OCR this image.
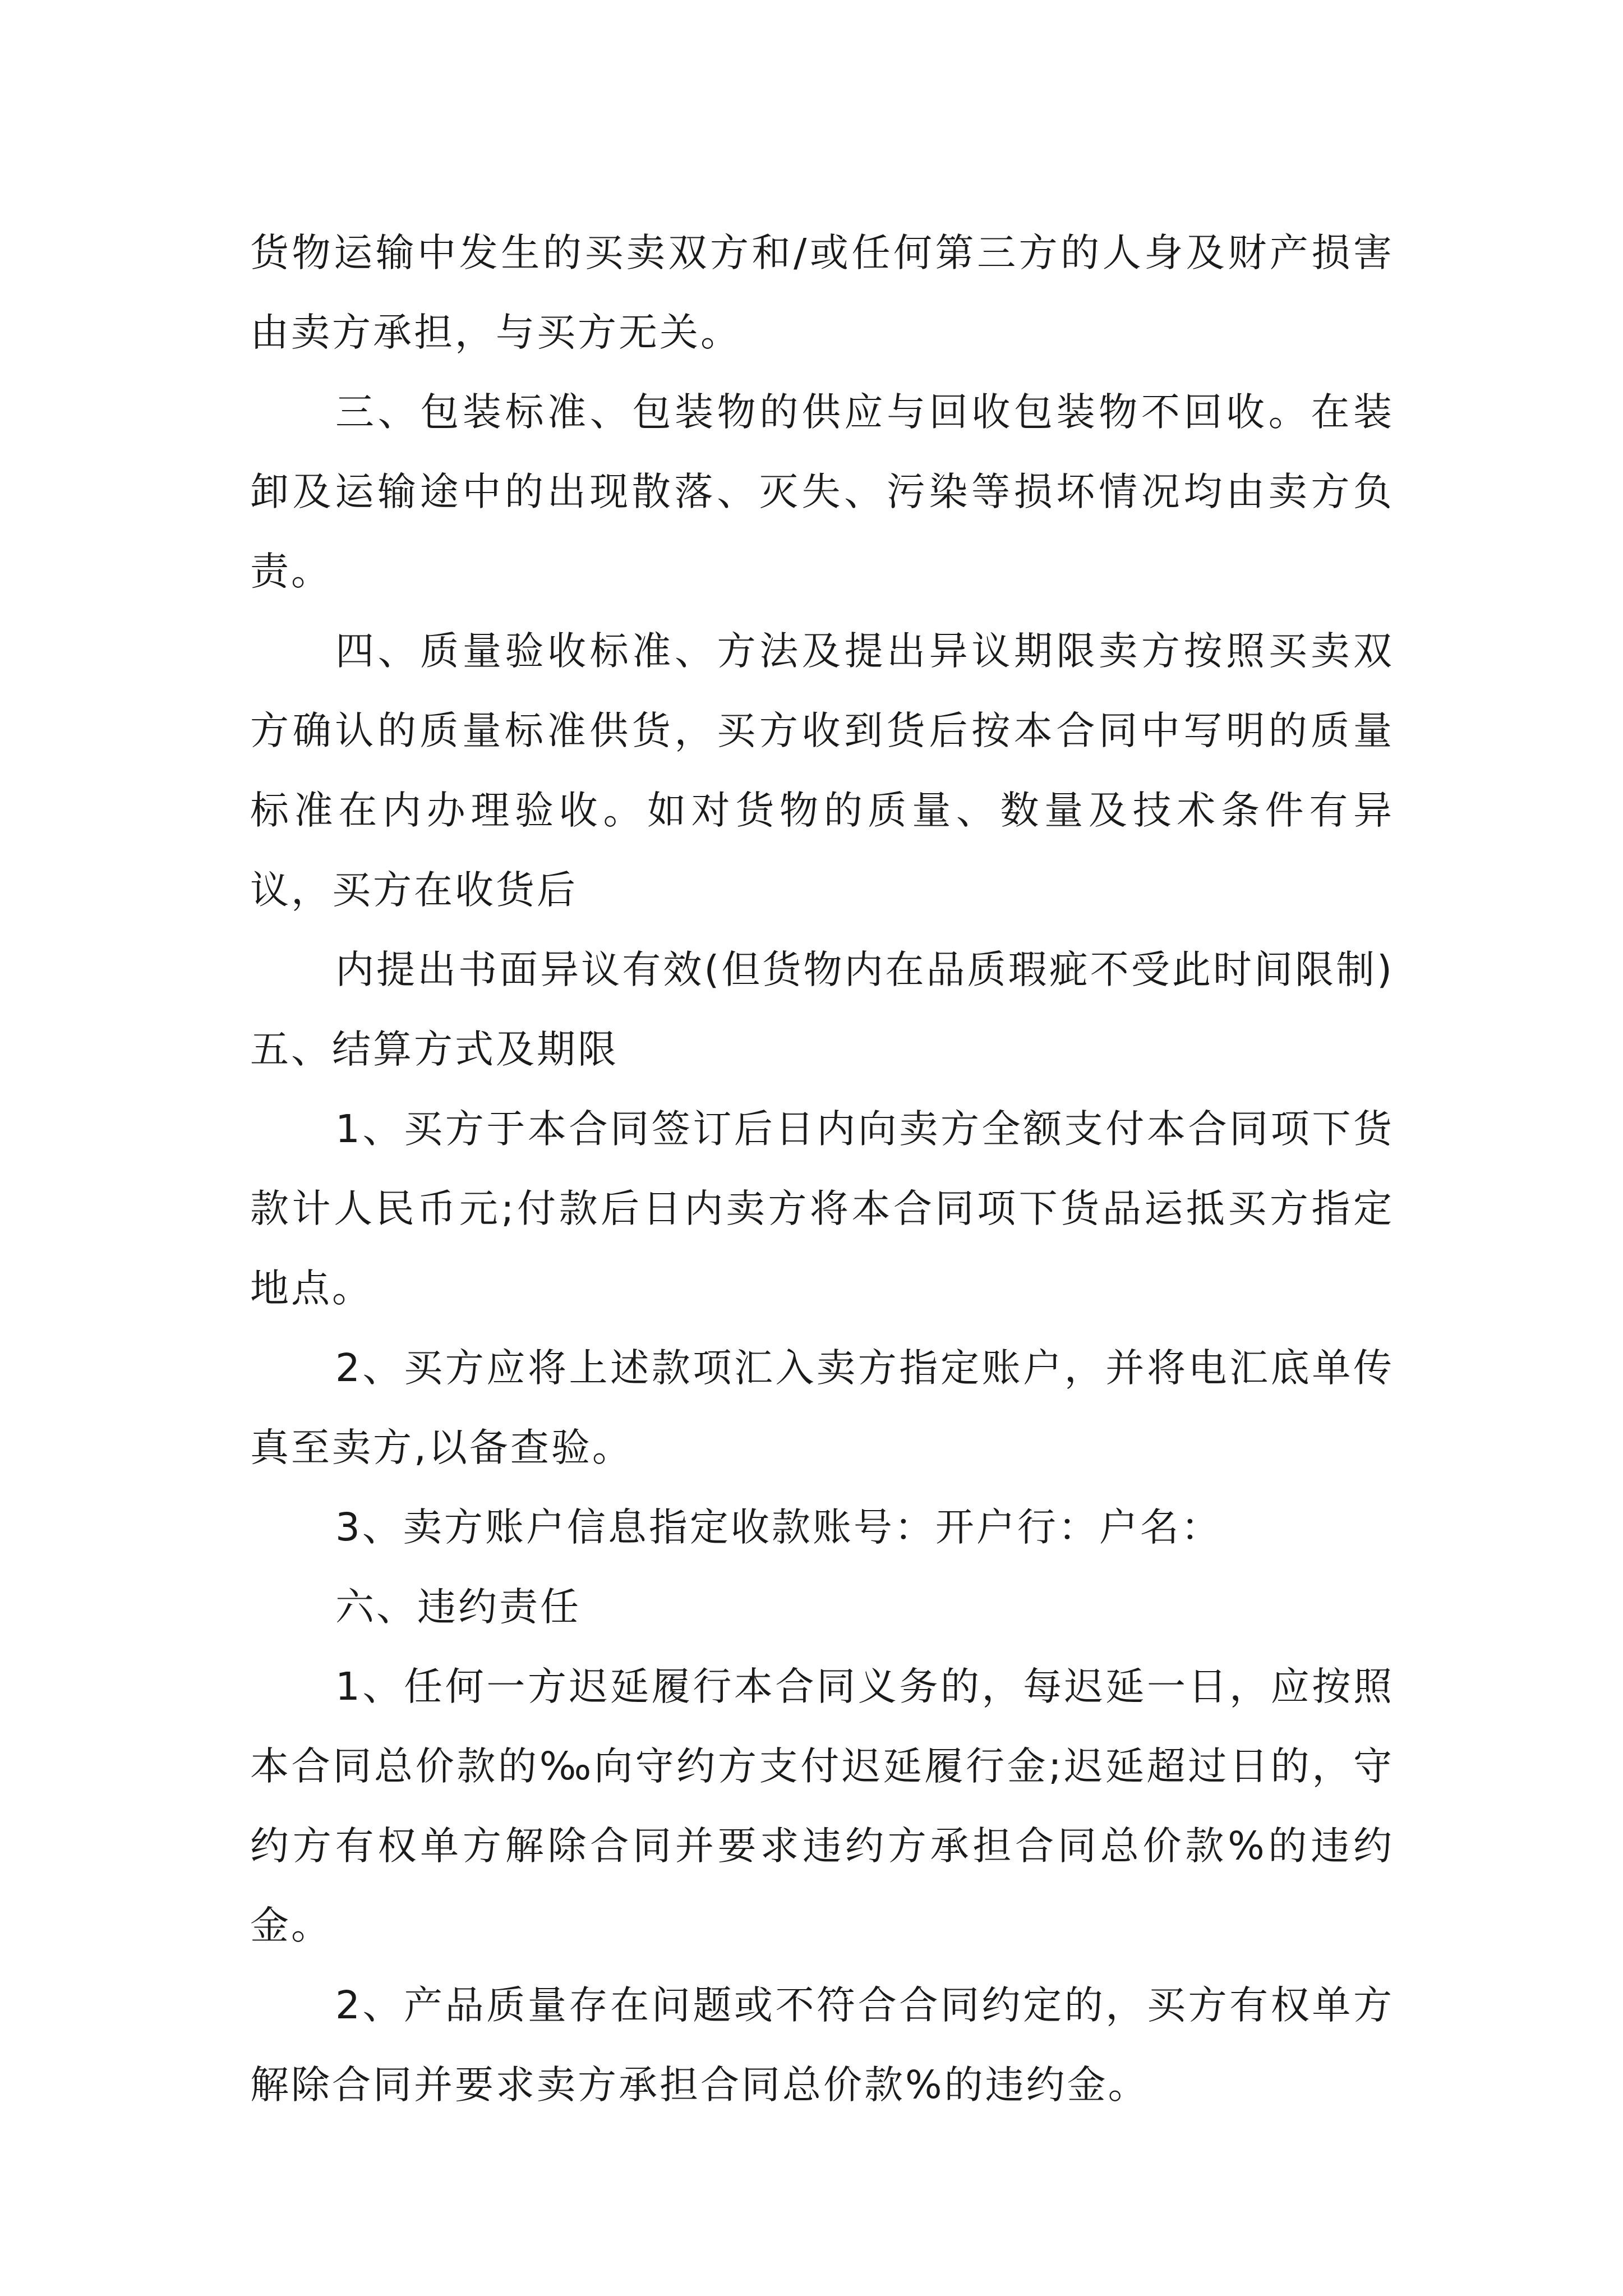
货物运输中发生的买卖双方和/或任何第三方的人身及财产损害由卖方承担，与买方无关。

三、包装标准、包装物的供应与回收包装物不回收。在装卸及运输途中的出现散落、灭失、污染等损坏情况均由卖方负责。

四、质量验收标准、方法及提出异议期限卖方按照买卖双方确认的质量标准供货，买方收到货后按本合同中写明的质量标准在内办理验收。如对货物的质量、数量及技术条件有异议，买方在收货后

内提出书面异议有效(但货物内在品质瑕疵不受此时间限制)五、结算方式及期限

1、买方于本合同签订后日内向卖方全额支付本合同项下货款计人民币元;付款后日内卖方将本合同项下货品运抵买方指定地点。

2、买方应将上述款项汇入卖方指定账户，并将电汇底单传真至卖方,以备查验。

3、卖方账户信息指定收款账号：开户行：户名：

六、违约责任

1、任何一方迟延履行本合同义务的，每迟延一日，应按照本合同总价款的‰向守约方支付迟延履行金;迟延超过日的，守约方有权单方解除合同并要求违约方承担合同总价款%的违约金。

2、产品质量存在问题或不符合合同约定的，买方有权单方解除合同并要求卖方承担合同总价款%的违约金。
